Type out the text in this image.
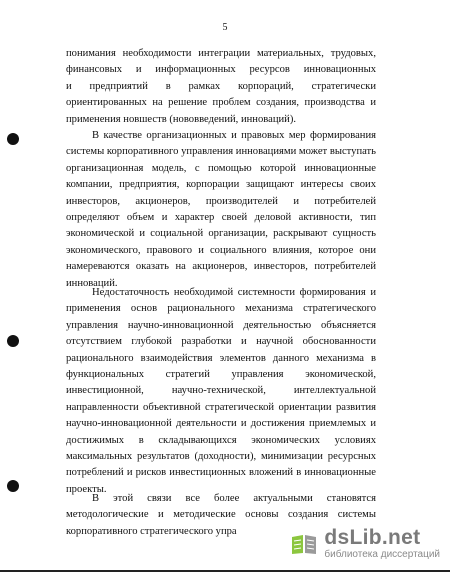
5
понимания необходимости интеграции материальных, трудовых,
финансовых и информационных ресурсов инновационных
и предприятий в рамках корпораций, стратегически
ориентированных на решение проблем создания, производства и
применения новшеств (нововведений, инноваций).
В качестве организационных и правовых мер формирования
системы корпоративного управления инновациями может выступать
организационная модель, с помощью которой инновационные
компании, предприятия, корпорации защищают интересы своих
инвесторов, акционеров, производителей и потребителей
определяют объем и характер своей деловой активности, тип
экономической и социальной организации, раскрывают сущность
экономического, правового и социального влияния, которое они
намереваются оказать на акционеров, инвесторов, потребителей
инноваций.
Недостаточность необходимой системности формирования и
применения основ рационального механизма стратегического
управления научно-инновационной деятельностью объясняется
отсутствием глубокой разработки и научной обоснованности
рационального взаимодействия элементов данного механизма в
функциональных стратегий управления экономической,
инвестиционной, научно-технической, интеллектуальной
направленности объективной стратегической ориентации развития
научно-инновационной деятельности и достижения приемлемых и
достижимых в складывающихся экономических условиях
максимальных результатов (доходности), минимизации ресурсных
потреблений и рисков инвестиционных вложений в инновационные
проекты.
В этой связи все более актуальными становятся
методологические и методические основы создания системы
корпоративного стратегического упра	dsLib.net
библиотека диссертаций
